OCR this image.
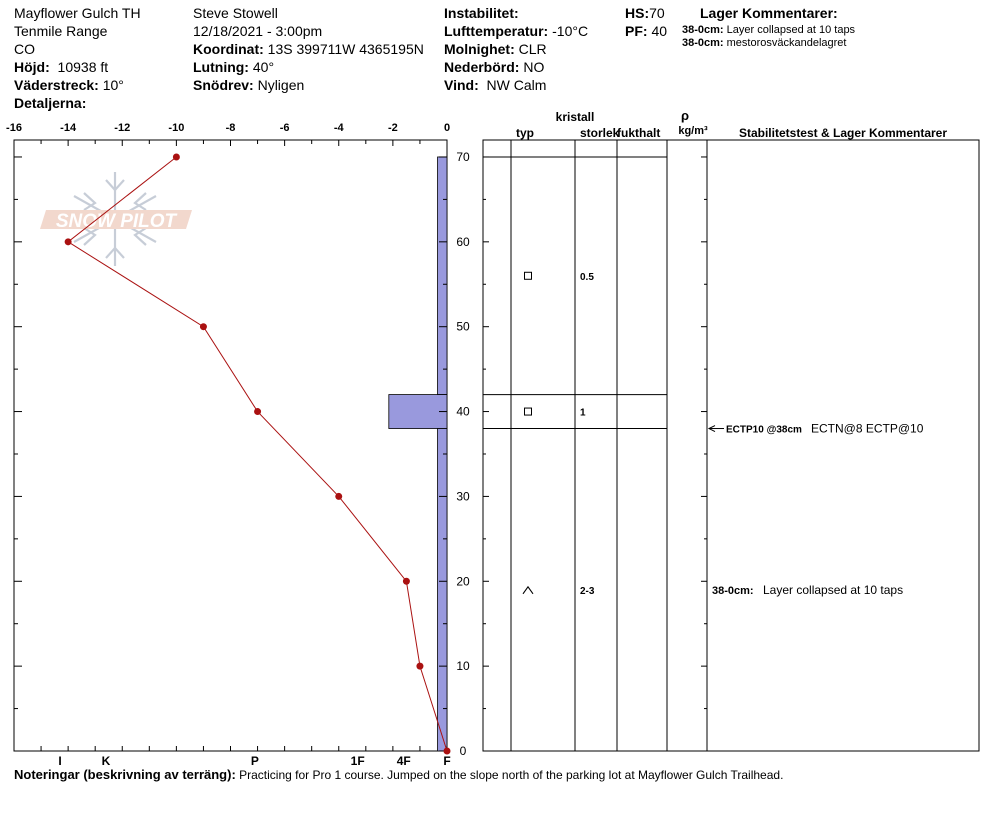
Mayflower Gulch TH
Tenmile Range
CO
Höjd: 10938 ft
Väderstreck: 10°
Detaljerna:
Steve Stowell
12/18/2021 - 3:00pm
Koordinat: 13S 399711W 4365195N
Lutning: 40°
Snödrev: Nyligen
Instabilitet:
Lufttemperatur: -10°C
Molnighet: CLR
Nederbörd: NO
Vind: NW Calm
HS:70
PF: 40
Lager Kommentarer:
38-0cm: Layer collapsed at 10 taps
38-0cm: mestorosväckandelagret
SNOW PILOT
kristall
typ	storlek
fukthalt
ρ
kg/m³	Stabilitetstest & Lager Kommentarer
-16	-14	-12	-10	-8	-6	-4	-2	0
I	K	P	1F	4F	F
0
10
20
30
40
50
60
70
0.5
1
2-3
ECTP10 @38cm ECTN@8 ECTP@10
38-0cm: Layer collapsed at 10 taps
Noteringar (beskrivning av terräng): Practicing for Pro 1 course. Jumped on the slope north of the parking lot at Mayflower Gulch Trailhead.
